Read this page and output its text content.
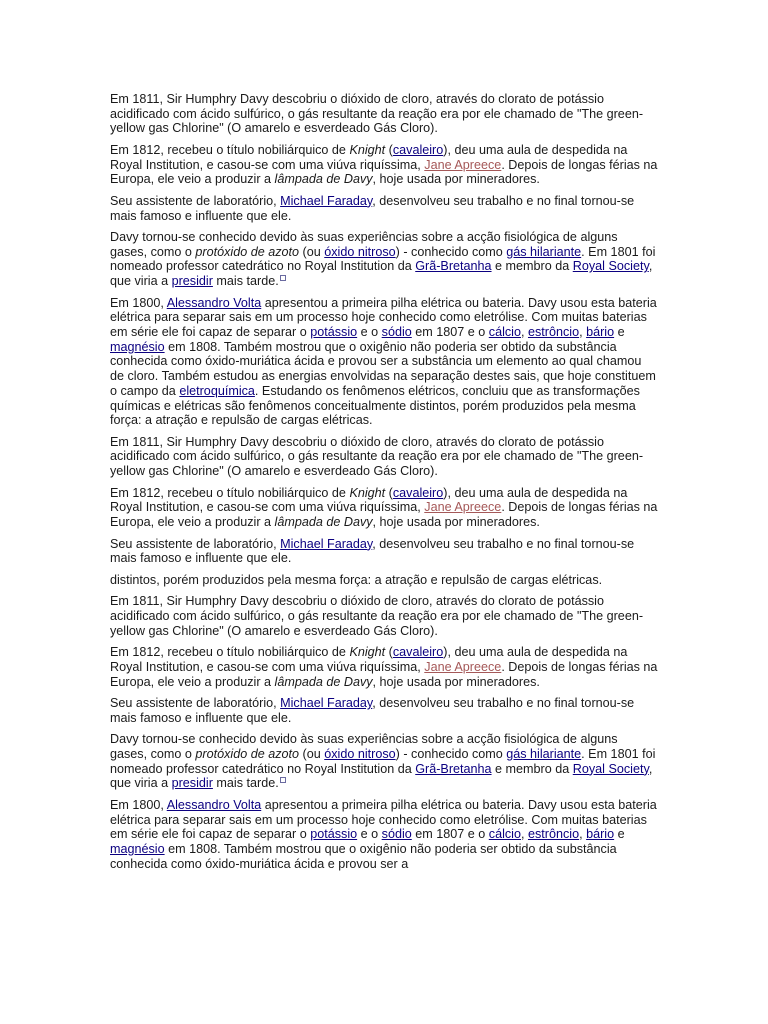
Em 1811, Sir Humphry Davy descobriu o dióxido de cloro, através do clorato de potássio acidificado com ácido sulfúrico, o gás resultante da reação era por ele chamado de "The green-yellow gas Chlorine" (O amarelo e esverdeado Gás Cloro).

Em 1812, recebeu o título nobiliárquico de Knight (cavaleiro), deu uma aula de despedida na Royal Institution, e casou-se com uma viúva riquíssima, Jane Apreece. Depois de longas férias na Europa, ele veio a produzir a lâmpada de Davy, hoje usada por mineradores.

Seu assistente de laboratório, Michael Faraday, desenvolveu seu trabalho e no final tornou-se mais famoso e influente que ele.

Davy tornou-se conhecido devido às suas experiências sobre a acção fisiológica de alguns gases, como o protóxido de azoto (ou óxido nitroso) - conhecido como gás hilariante. Em 1801 foi nomeado professor catedrático no Royal Institution da Grã-Bretanha e membro da Royal Society, que viria a presidir mais tarde.

Em 1800, Alessandro Volta apresentou a primeira pilha elétrica ou bateria. Davy usou esta bateria elétrica para separar sais em um processo hoje conhecido como eletrólise. Com muitas baterias em série ele foi capaz de separar o potássio e o sódio em 1807 e o cálcio, estrôncio, bário e magnésio em 1808. Também mostrou que o oxigênio não poderia ser obtido da substância conhecida como óxido-muriática ácida e provou ser a substância um elemento ao qual chamou de cloro. Também estudou as energias envolvidas na separação destes sais, que hoje constituem o campo da eletroquímica. Estudando os fenômenos elétricos, concluiu que as transformações químicas e elétricas são fenômenos conceitualmente distintos, porém produzidos pela mesma força: a atração e repulsão de cargas elétricas.

Em 1811, Sir Humphry Davy descobriu o dióxido de cloro, através do clorato de potássio acidificado com ácido sulfúrico, o gás resultante da reação era por ele chamado de "The green-yellow gas Chlorine" (O amarelo e esverdeado Gás Cloro).

Em 1812, recebeu o título nobiliárquico de Knight (cavaleiro), deu uma aula de despedida na Royal Institution, e casou-se com uma viúva riquíssima, Jane Apreece. Depois de longas férias na Europa, ele veio a produzir a lâmpada de Davy, hoje usada por mineradores.

Seu assistente de laboratório, Michael Faraday, desenvolveu seu trabalho e no final tornou-se mais famoso e influente que ele.

distintos, porém produzidos pela mesma força: a atração e repulsão de cargas elétricas.

Em 1811, Sir Humphry Davy descobriu o dióxido de cloro, através do clorato de potássio acidificado com ácido sulfúrico, o gás resultante da reação era por ele chamado de "The green-yellow gas Chlorine" (O amarelo e esverdeado Gás Cloro).

Em 1812, recebeu o título nobiliárquico de Knight (cavaleiro), deu uma aula de despedida na Royal Institution, e casou-se com uma viúva riquíssima, Jane Apreece. Depois de longas férias na Europa, ele veio a produzir a lâmpada de Davy, hoje usada por mineradores.

Seu assistente de laboratório, Michael Faraday, desenvolveu seu trabalho e no final tornou-se mais famoso e influente que ele.

Davy tornou-se conhecido devido às suas experiências sobre a acção fisiológica de alguns gases, como o protóxido de azoto (ou óxido nitroso) - conhecido como gás hilariante. Em 1801 foi nomeado professor catedrático no Royal Institution da Grã-Bretanha e membro da Royal Society, que viria a presidir mais tarde.

Em 1800, Alessandro Volta apresentou a primeira pilha elétrica ou bateria. Davy usou esta bateria elétrica para separar sais em um processo hoje conhecido como eletrólise. Com muitas baterias em série ele foi capaz de separar o potássio e o sódio em 1807 e o cálcio, estrôncio, bário e magnésio em 1808. Também mostrou que o oxigênio não poderia ser obtido da substância conhecida como óxido-muriática ácida e provou ser a
